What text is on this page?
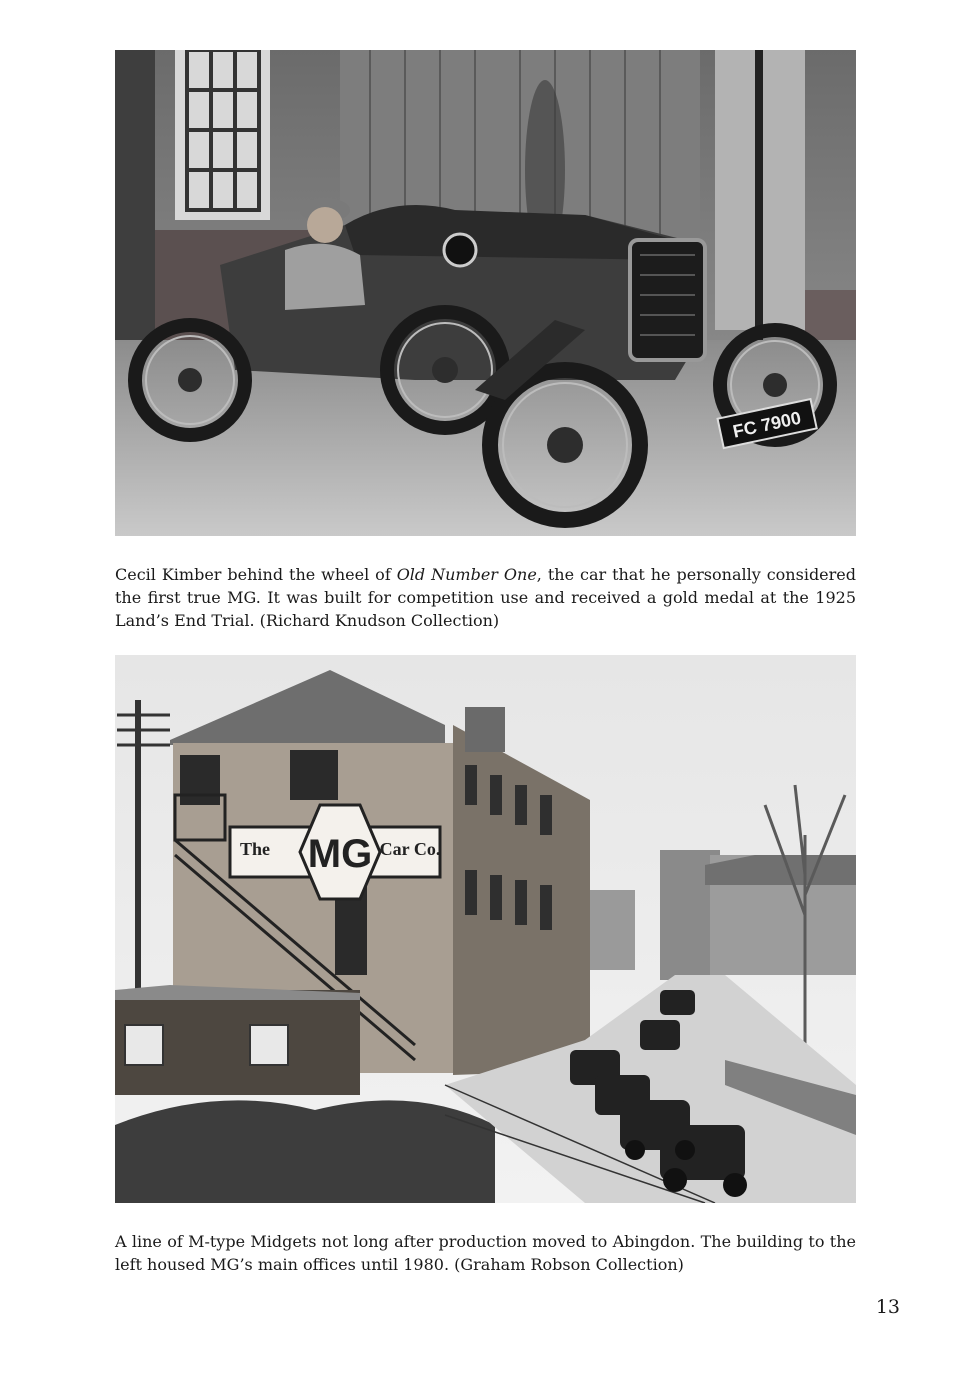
FC 7900

Cecil Kimber behind the wheel of Old Number One, the car that he personally considered the first true MG. It was built for competition use and received a gold medal at the 1925 Land’s End Trial. (Richard Knudson Collection)

The MG Car Co.

A line of M-type Midgets not long after production moved to Abingdon. The building to the left housed MG’s main offices until 1980. (Graham Robson Collection)

13
